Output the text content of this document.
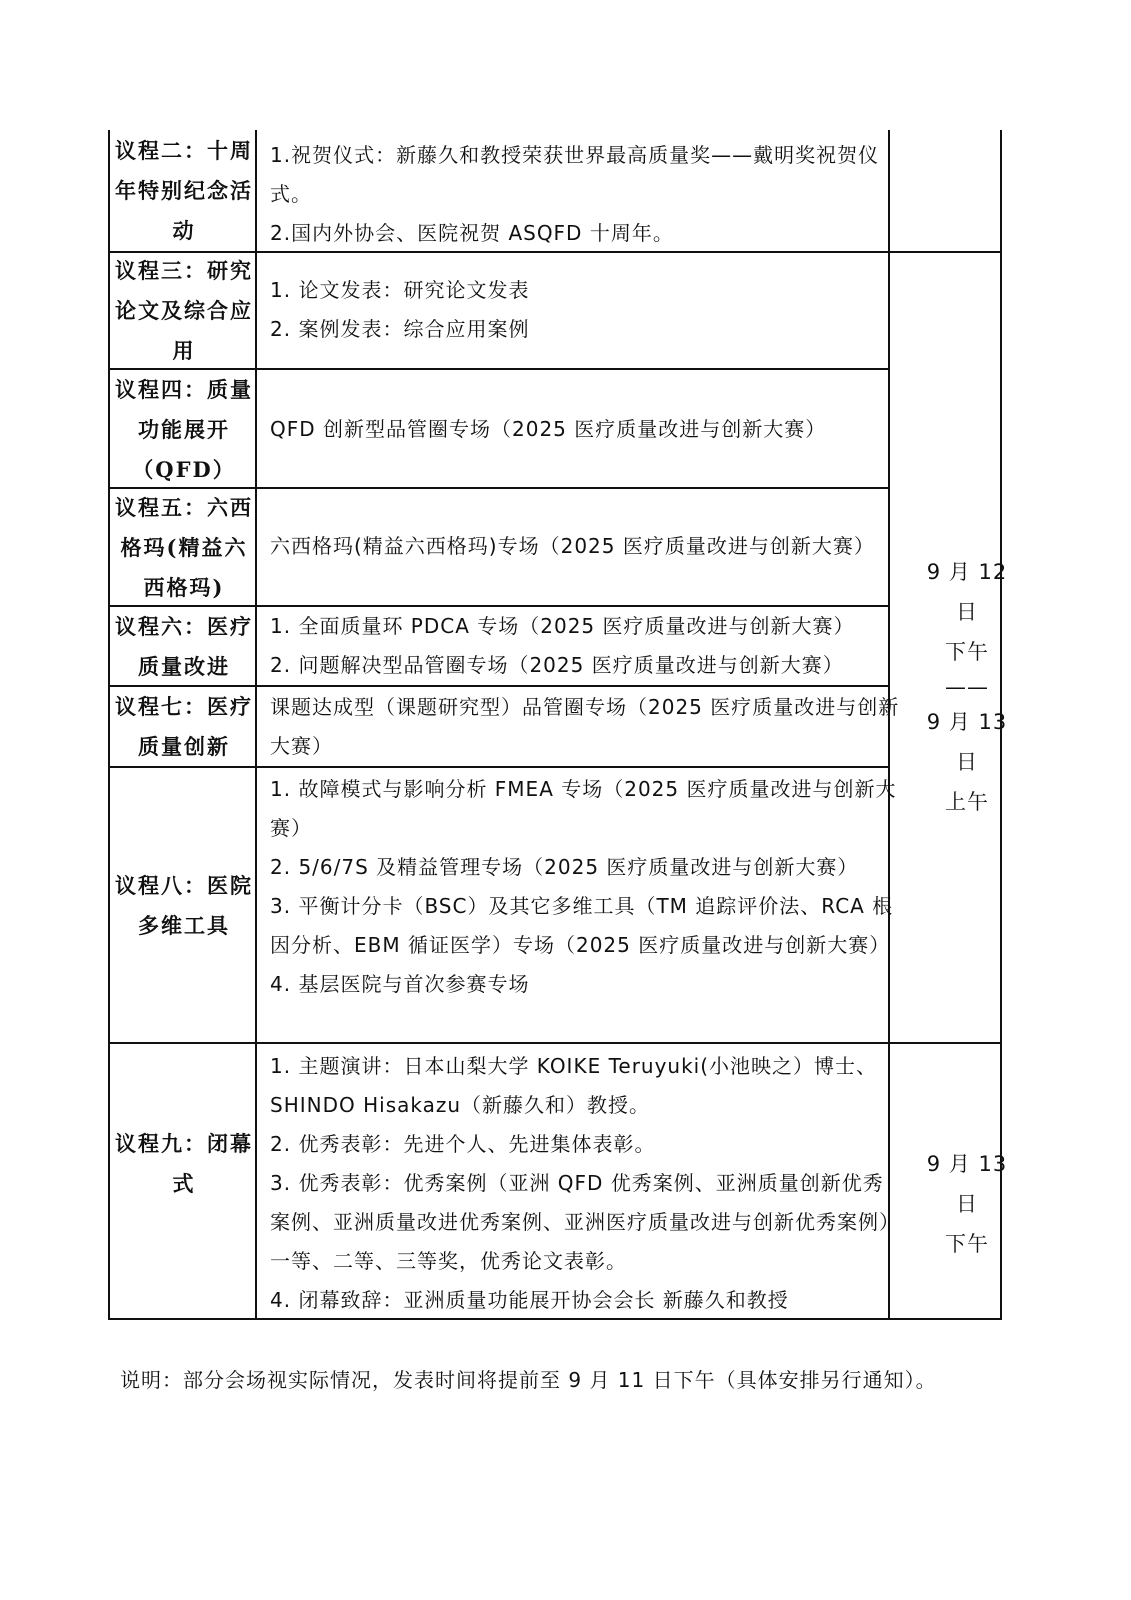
议程二：十周年特别纪念活动

1.祝贺仪式：新藤久和教授荣获世界最高质量奖——戴明奖祝贺仪式。

2.国内外协会、医院祝贺 ASQFD 十周年。

议程三：研究论文及综合应用

1. 论文发表：研究论文发表

2. 案例发表：综合应用案例

议程四：质量功能展开（QFD）

QFD 创新型品管圈专场（2025 医疗质量改进与创新大赛）

议程五：六西格玛(精益六西格玛)

六西格玛(精益六西格玛)专场（2025 医疗质量改进与创新大赛）

议程六：医疗质量改进

1. 全面质量环 PDCA 专场（2025 医疗质量改进与创新大赛）

2. 问题解决型品管圈专场（2025 医疗质量改进与创新大赛）

议程七：医疗质量创新

课题达成型（课题研究型）品管圈专场（2025 医疗质量改进与创新大赛）

议程八：医院多维工具

1. 故障模式与影响分析 FMEA 专场（2025 医疗质量改进与创新大赛）

2. 5/6/7S 及精益管理专场（2025 医疗质量改进与创新大赛）

3. 平衡计分卡（BSC）及其它多维工具（TM 追踪评价法、RCA 根因分析、EBM 循证医学）专场（2025 医疗质量改进与创新大赛）

4. 基层医院与首次参赛专场

议程九：闭幕式

1. 主题演讲：日本山梨大学 KOIKE Teruyuki(小池映之）博士、SHINDO Hisakazu（新藤久和）教授。

2. 优秀表彰：先进个人、先进集体表彰。

3. 优秀表彰：优秀案例（亚洲 QFD 优秀案例、亚洲质量创新优秀案例、亚洲质量改进优秀案例、亚洲医疗质量改进与创新优秀案例）一等、二等、三等奖，优秀论文表彰。

4. 闭幕致辞：亚洲质量功能展开协会会长 新藤久和教授

9 月 12 日

下午

——

9 月 13 日

上午

9 月 13 日

下午

说明：部分会场视实际情况，发表时间将提前至 9 月 11 日下午（具体安排另行通知）。
